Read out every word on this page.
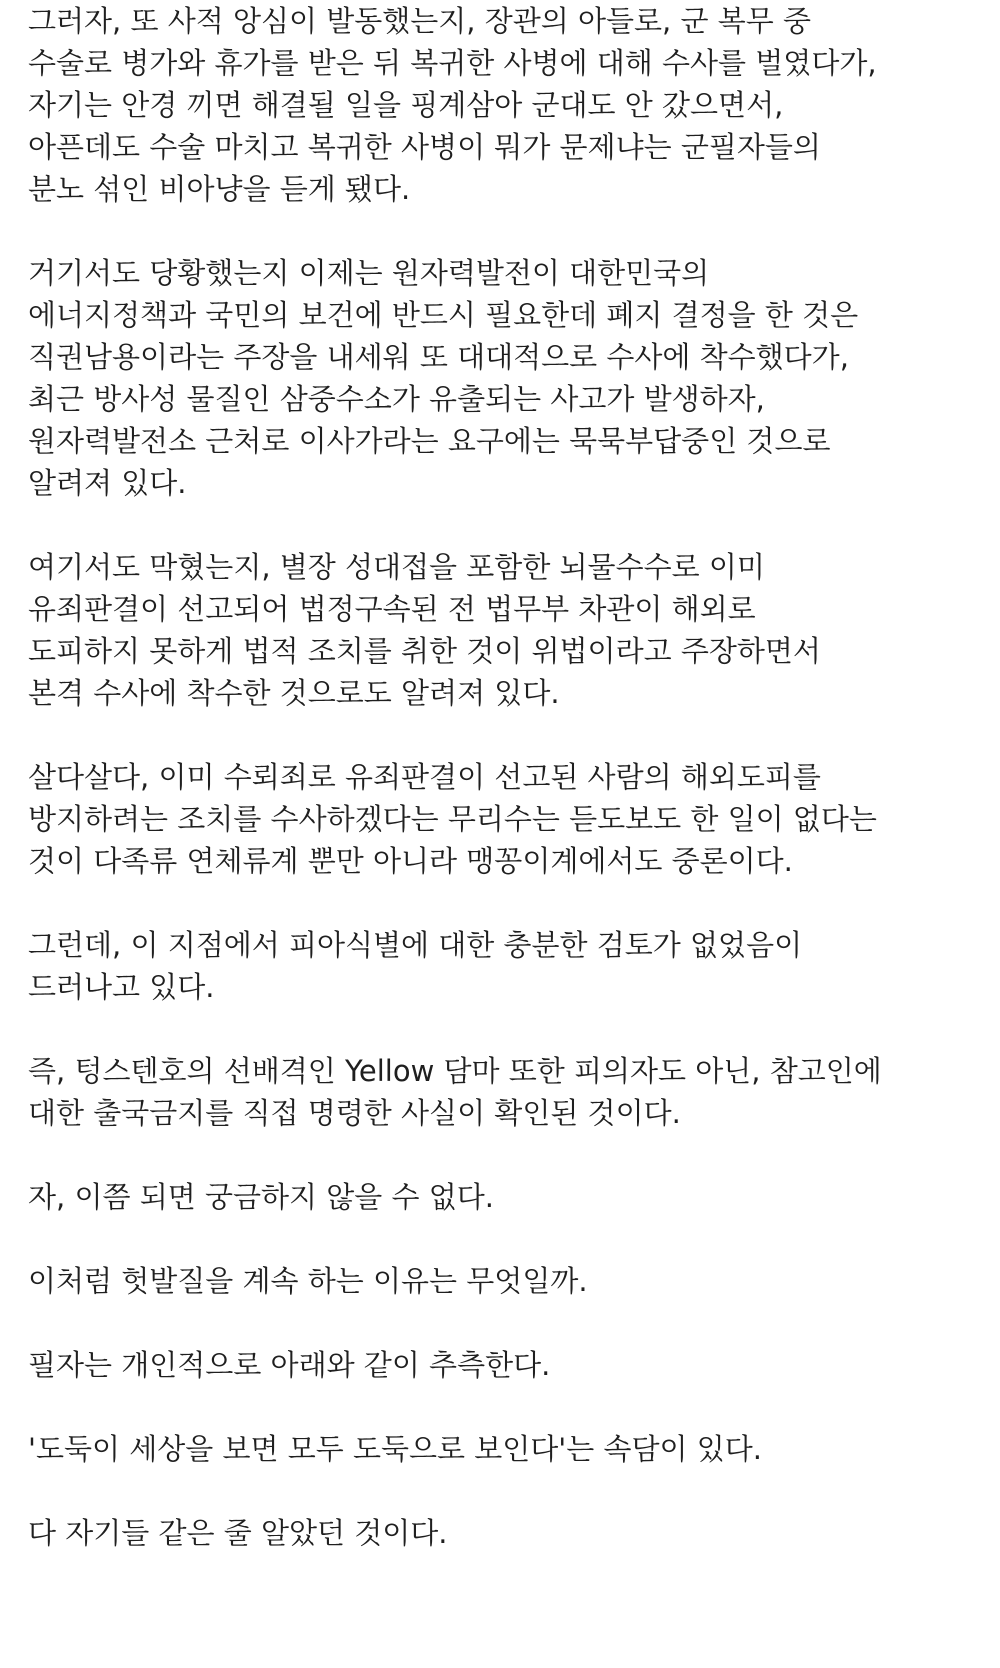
그러자, 또 사적 앙심이 발동했는지, 장관의 아들로, 군 복무 중
수술로 병가와 휴가를 받은 뒤 복귀한 사병에 대해 수사를 벌였다가,
자기는 안경 끼면 해결될 일을 핑계삼아 군대도 안 갔으면서,
아픈데도 수술 마치고 복귀한 사병이 뭐가 문제냐는 군필자들의
분노 섞인 비아냥을 듣게 됐다.

거기서도 당황했는지 이제는 원자력발전이 대한민국의
에너지정책과 국민의 보건에 반드시 필요한데 폐지 결정을 한 것은
직권남용이라는 주장을 내세워 또 대대적으로 수사에 착수했다가,
최근 방사성 물질인 삼중수소가 유출되는 사고가 발생하자,
원자력발전소 근처로 이사가라는 요구에는 묵묵부답중인 것으로
알려져 있다.

여기서도 막혔는지, 별장 성대접을 포함한 뇌물수수로 이미
유죄판결이 선고되어 법정구속된 전 법무부 차관이 해외로
도피하지 못하게 법적 조치를 취한 것이 위법이라고 주장하면서
본격 수사에 착수한 것으로도 알려져 있다.

살다살다, 이미 수뢰죄로 유죄판결이 선고된 사람의 해외도피를
방지하려는 조치를 수사하겠다는 무리수는 듣도보도 한 일이 없다는
것이 다족류 연체류계 뿐만 아니라 맹꽁이계에서도 중론이다.

그런데, 이 지점에서 피아식별에 대한 충분한 검토가 없었음이
드러나고 있다.

즉, 텅스텐호의 선배격인 Yellow 담마 또한 피의자도 아닌, 참고인에
대한 출국금지를 직접 명령한 사실이 확인된 것이다.

자, 이쯤 되면 궁금하지 않을 수 없다.

이처럼 헛발질을 계속 하는 이유는 무엇일까.

필자는 개인적으로 아래와 같이 추측한다.

'도둑이 세상을 보면 모두 도둑으로 보인다'는 속담이 있다.

다 자기들 같은 줄 알았던 것이다.
